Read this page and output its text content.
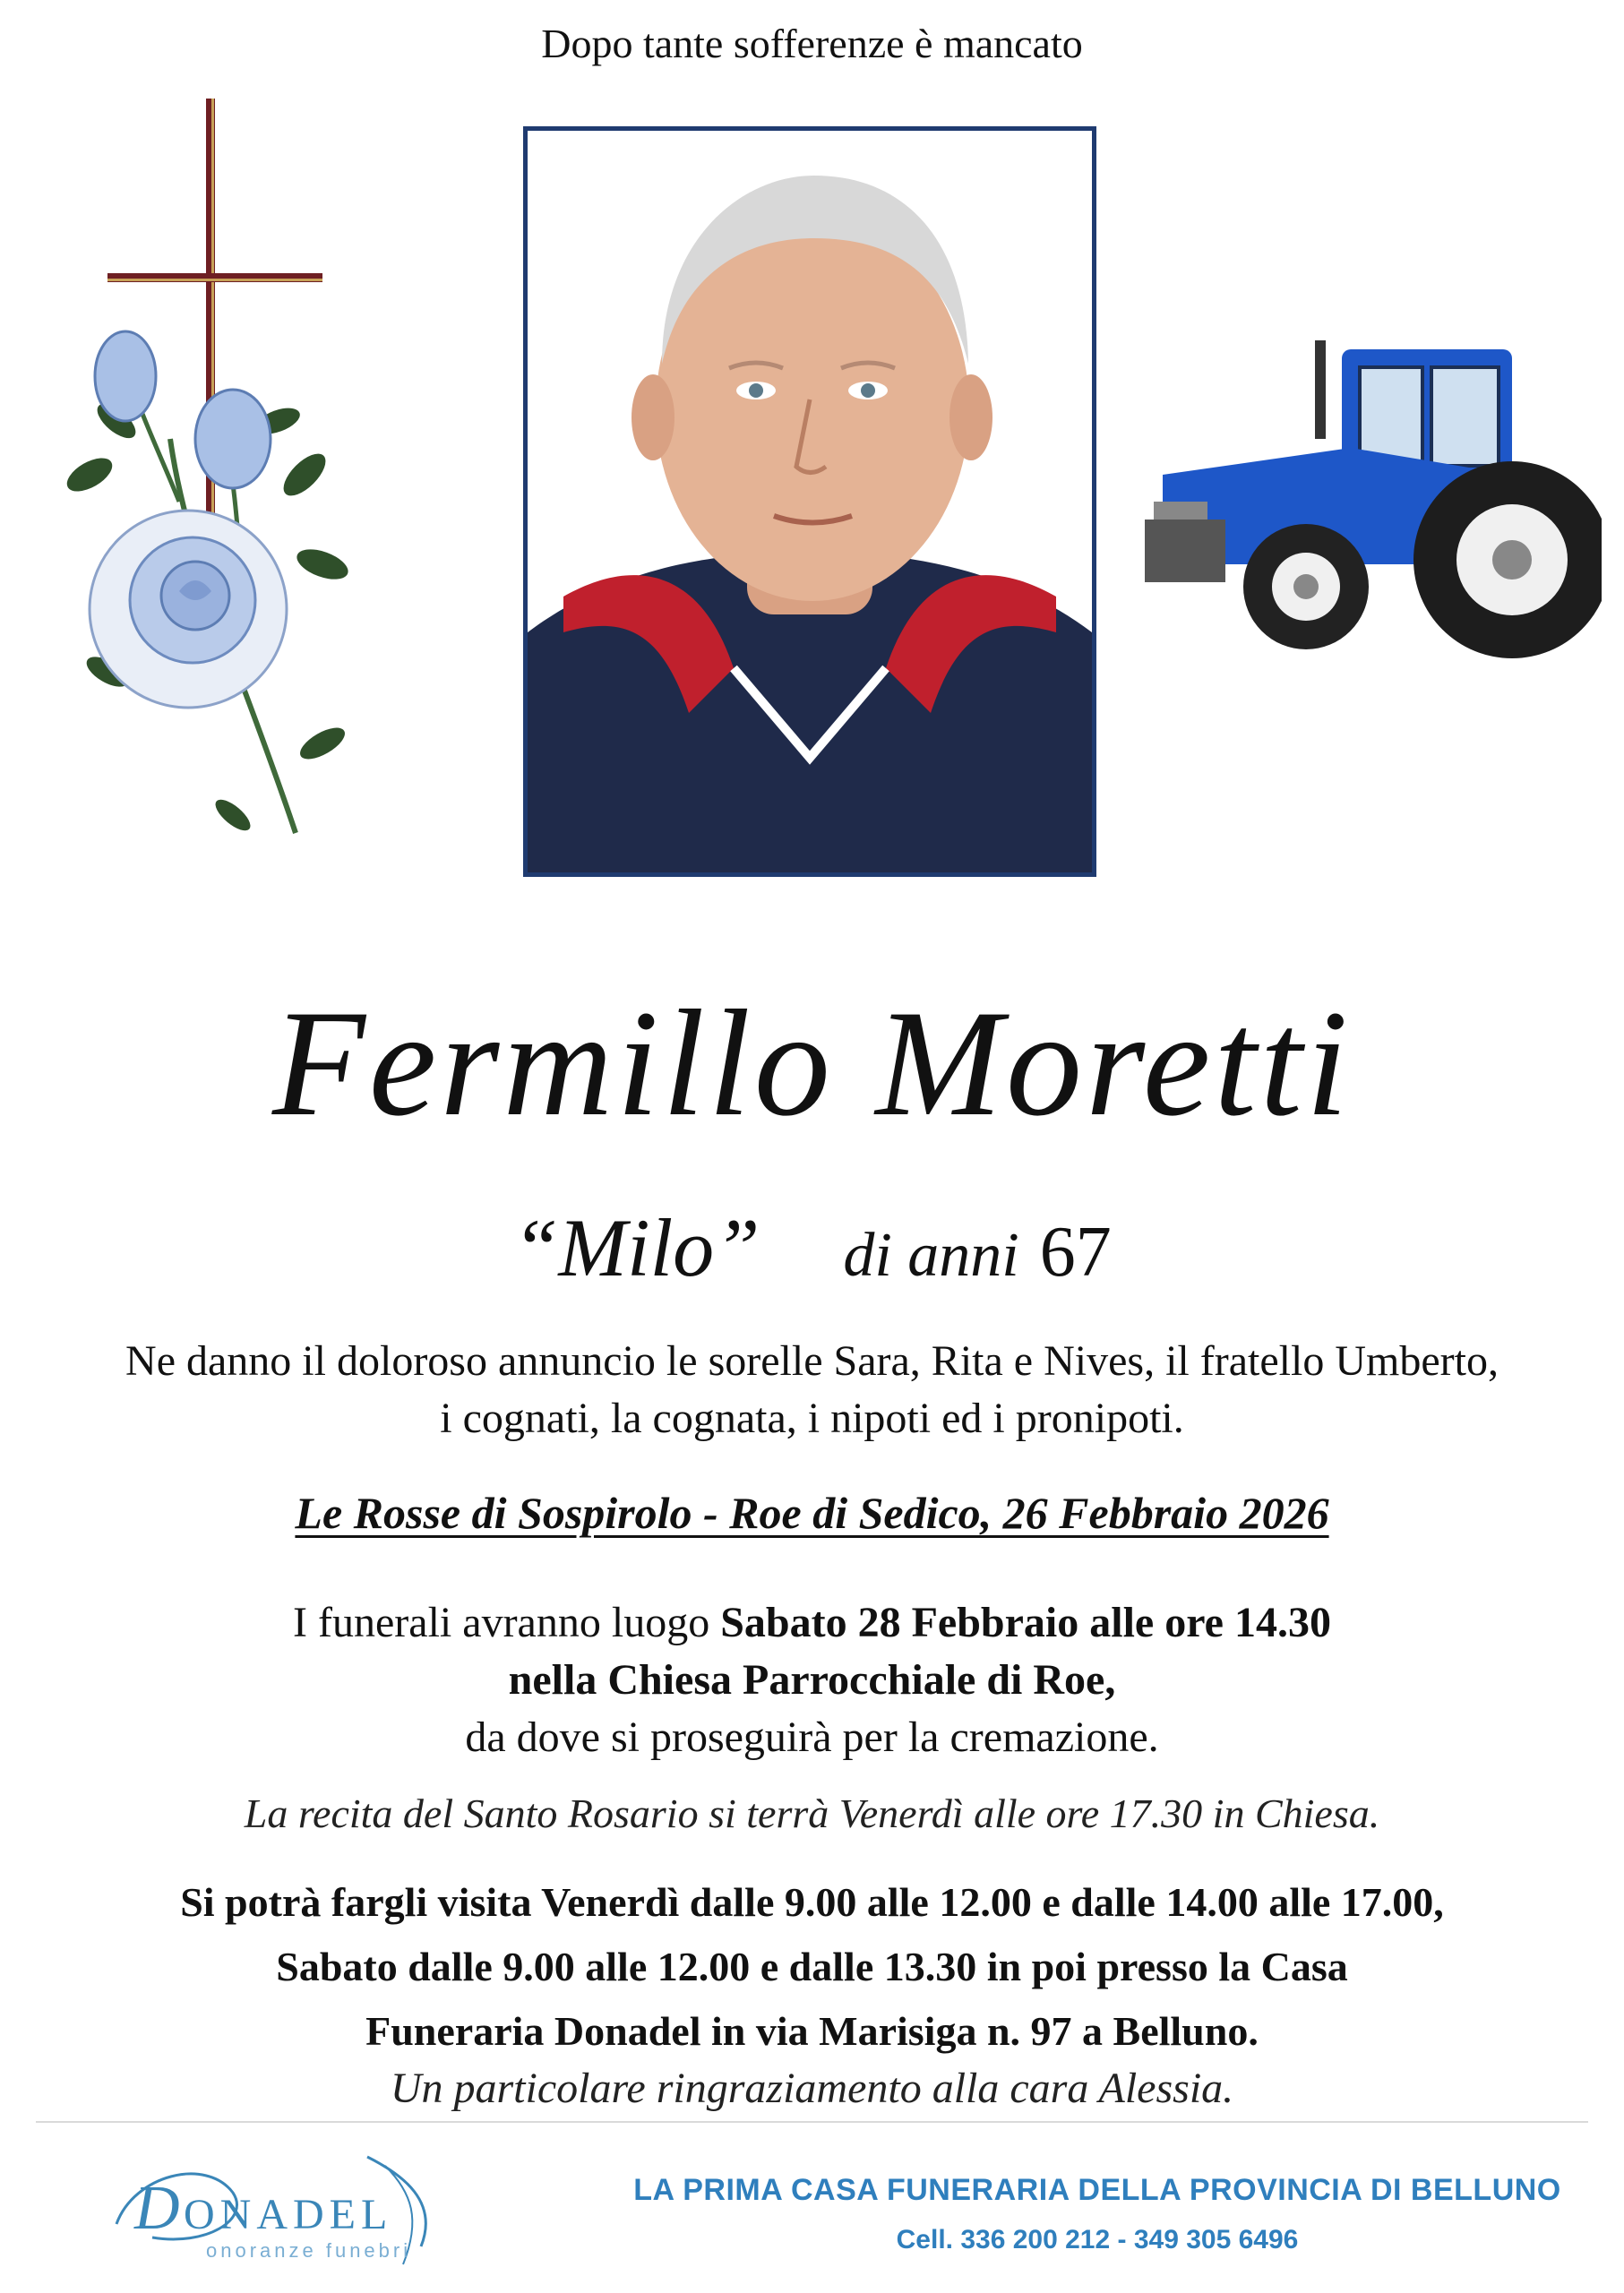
Dopo tante sofferenze è mancato
Fermillo Moretti
“Milo” di anni 67
Ne danno il doloroso annuncio le sorelle Sara, Rita e Nives, il fratello Umberto,
i cognati, la cognata, i nipoti ed i pronipoti.
Le Rosse di Sospirolo - Roe di Sedico, 26 Febbraio 2026
I funerali avranno luogo Sabato 28 Febbraio alle ore 14.30
nella Chiesa Parrocchiale di Roe,
da dove si proseguirà per la cremazione.
La recita del Santo Rosario si terrà Venerdì alle ore 17.30 in Chiesa.
Si potrà fargli visita Venerdì dalle 9.00 alle 12.00 e dalle 14.00 alle 17.00,
Sabato dalle 9.00 alle 12.00 e dalle 13.30 in poi presso la Casa
Funeraria Donadel in via Marisiga n. 97 a Belluno.
Un particolare ringraziamento alla cara Alessia.
D ONADEL
onoranze funebri
LA PRIMA CASA FUNERARIA DELLA PROVINCIA DI BELLUNO
Cell. 336 200 212 - 349 305 6496
